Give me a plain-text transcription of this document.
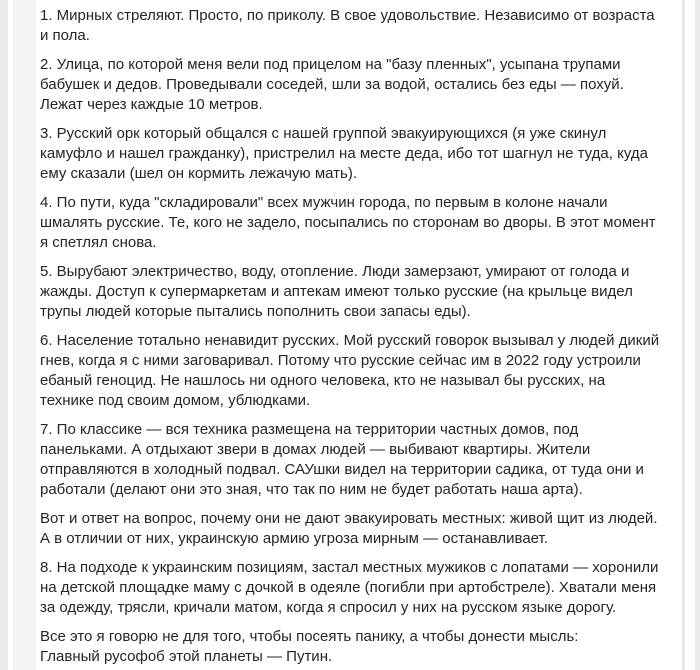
1. Мирных стреляют. Просто, по приколу. В свое удовольствие. Независимо от возраста и пола.

2. Улица, по которой меня вели под прицелом на "базу пленных", усыпана трупами бабушек и дедов. Проведывали соседей, шли за водой, остались без еды — похуй. Лежат через каждые 10 метров.

3. Русский орк который общался с нашей группой эвакуирующихся (я уже скинул камуфло и нашел гражданку), пристрелил на месте деда, ибо тот шагнул не туда, куда ему сказали (шел он кормить лежачую мать).

4. По пути, куда "складировали" всех мужчин города, по первым в колоне начали шмалять русские. Те, кого не задело, посыпались по сторонам во дворы. В этот момент я спетлял снова.

5. Вырубают электричество, воду, отопление. Люди замерзают, умирают от голода и жажды. Доступ к супермаркетам и аптекам имеют только русские (на крыльце видел трупы людей которые пытались пополнить свои запасы еды).

6. Население тотально ненавидит русских. Мой русский говорок вызывал у людей дикий гнев, когда я с ними заговаривал. Потому что русские сейчас им в 2022 году устроили ебаный геноцид. Не нашлось ни одного человека, кто не называл бы русских, на технике под своим домом, ублюдками.

7. По классике — вся техника размещена на территории частных домов, под панельками. А отдыхают звери в домах людей — выбивают квартиры. Жители отправляются в холодный подвал. САУшки видел на территории садика, от туда они и работали (делают они это зная, что так по ним не будет работать наша арта).

Вот и ответ на вопрос, почему они не дают эвакуировать местных: живой щит из людей. А в отличии от них, украинскую армию угроза мирным — останавливает.

8. На подходе к украинским позициям, застал местных мужиков с лопатами — хоронили на детской площадке маму с дочкой в одеяле (погибли при артобстреле). Хватали меня за одежду, трясли, кричали матом, когда я спросил у них на русском языке дорогу.

Все это я говорю не для того, чтобы посеять панику, а чтобы донести мысль:
Главный русофоб этой планеты — Путин.
